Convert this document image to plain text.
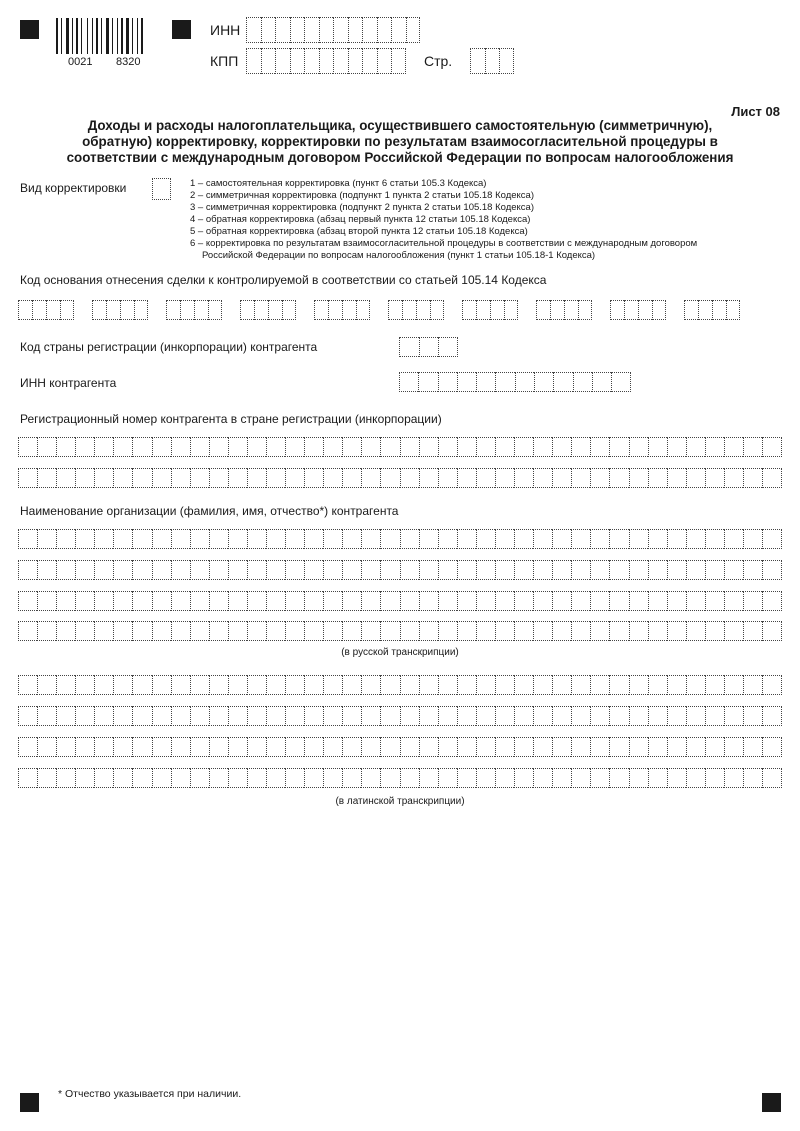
0021 8320
ИНН
КПП	Стр.
Лист 08
Доходы и расходы налогоплательщика, осуществившего самостоятельную (симметричную), обратную) корректировку, корректировки по результатам взаимосогласительной процедуры в соответствии с международным договором Российской Федерации по вопросам налогообложения
Вид корректировки	1 – самостоятельная корректировка (пункт 6 статьи 105.3 Кодекса)
2 – симметричная корректировка (подпункт 1 пункта 2 статьи 105.18 Кодекса)
3 – симметричная корректировка (подпункт 2 пункта 2 статьи 105.18 Кодекса)
4 – обратная корректировка (абзац первый пункта 12 статьи 105.18 Кодекса)
5 – обратная корректировка (абзац второй пункта 12 статьи 105.18 Кодекса)
6 – корректировка по результатам взаимосогласительной процедуры в соответствии с международным договором
Российской Федерации по вопросам налогообложения (пункт 1 статьи 105.18-1 Кодекса)
Код основания отнесения сделки к контролируемой в соответствии со статьей 105.14 Кодекса
Код страны регистрации (инкорпорации) контрагента
ИНН контрагента
Регистрационный номер контрагента в стране регистрации (инкорпорации)
Наименование организации (фамилия, имя, отчество*) контрагента
(в русской транскрипции)
(в латинской транскрипции)
* Отчество указывается при наличии.
